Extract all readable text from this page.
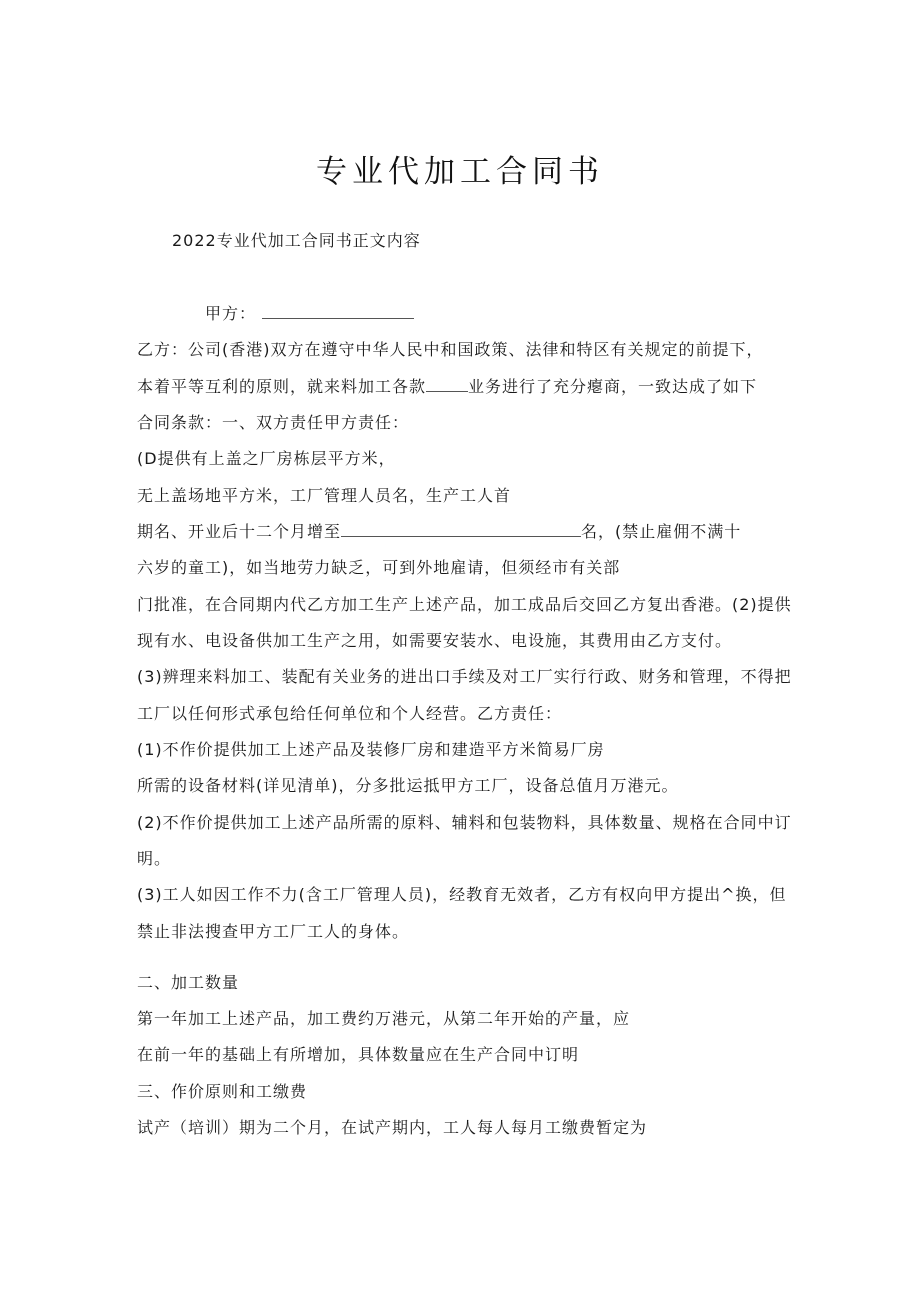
专业代加工合同书
2022专业代加工合同书正文内容
甲方：
乙方：公司(香港)双方在遵守中华人民中和国政策、法律和特区有关规定的前提下，
本着平等互利的原则，就来料加工各款	业务进行了充分瘪商，一致达成了如下
合同条款：一、双方责任甲方责任：
(D提供有上盖之厂房栋层平方米，
无上盖场地平方米，工厂管理人员名，生产工人首
期名、开业后十二个月增至	名，(禁止雇佣不满十
六岁的童工)，如当地劳力缺乏，可到外地雇请，但须经市有关部
门批准，在合同期内代乙方加工生产上述产品，加工成品后交回乙方复出香港。(2)提供
现有水、电设备供加工生产之用，如需要安装水、电设施，其费用由乙方支付。
(3)辨理来料加工、装配有关业务的进出口手续及对工厂实行行政、财务和管理，不得把
工厂以任何形式承包给任何单位和个人经营。乙方责任：
(1)不作价提供加工上述产品及装修厂房和建造平方米简易厂房
所需的设备材料(详见清单)，分多批运抵甲方工厂，设备总值月万港元。
(2)不作价提供加工上述产品所需的原料、辅料和包装物料，具体数量、规格在合同中订
明。
(3)工人如因工作不力(含工厂管理人员)，经教育无效者，乙方有权向甲方提出^换，但
禁止非法搜查甲方工厂工人的身体。
二、加工数量
第一年加工上述产品，加工费约万港元，从第二年开始的产量，应
在前一年的基础上有所增加，具体数量应在生产合同中订明
三、作价原则和工缴费
试产（培训）期为二个月，在试产期内，工人每人每月工缴费暂定为
